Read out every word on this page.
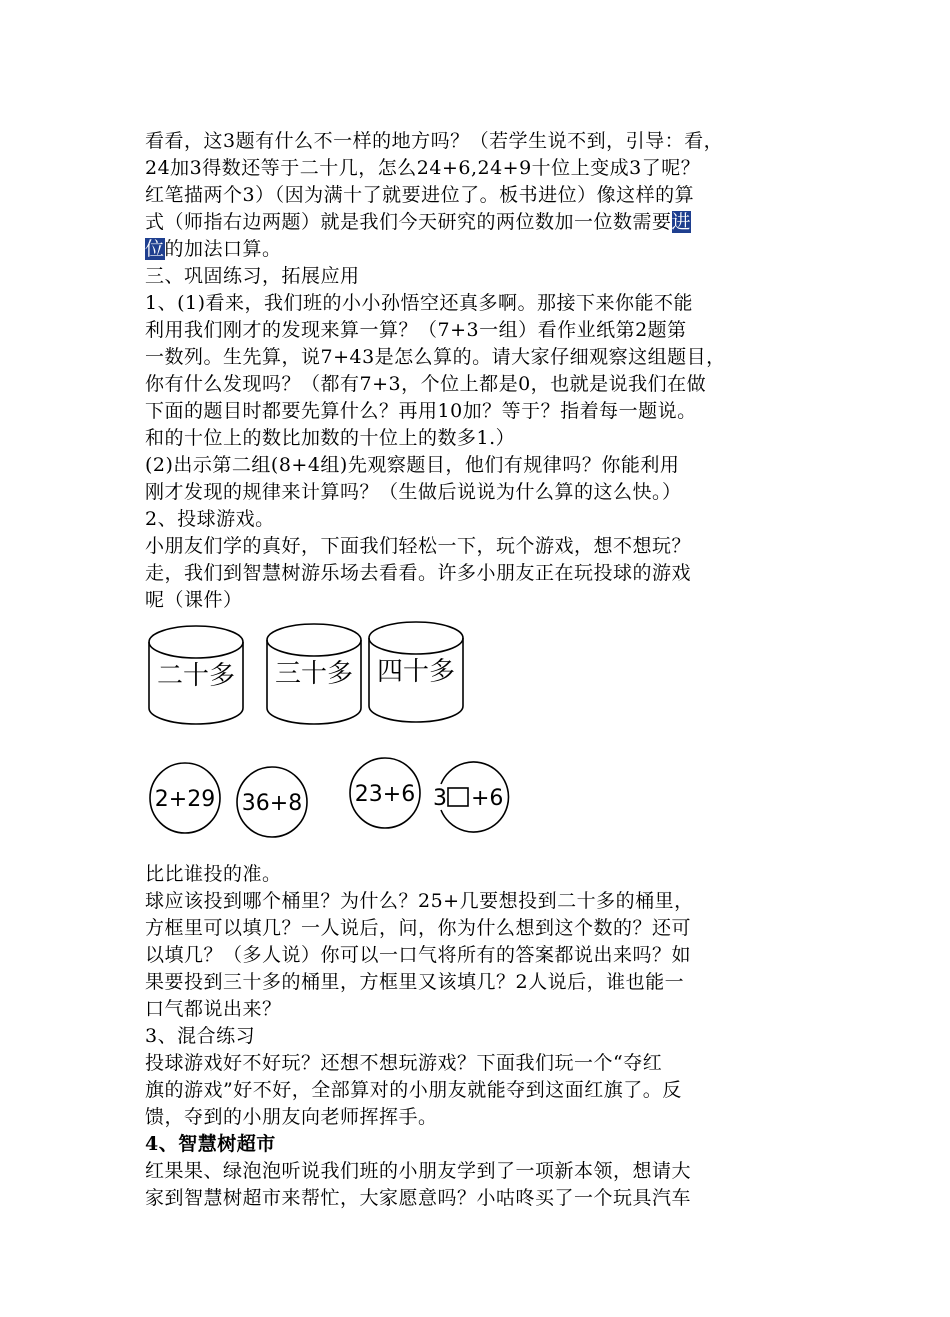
看看，这3题有什么不一样的地方吗？（若学生说不到，引导：看，
24加3得数还等于二十几，怎么24+6,24+9十位上变成3了呢？
红笔描两个3）（因为满十了就要进位了。板书进位）像这样的算
式（师指右边两题）就是我们今天研究的两位数加一位数需要进
位的加法口算。
三、巩固练习，拓展应用
1、(1)看来，我们班的小小孙悟空还真多啊。那接下来你能不能
利用我们刚才的发现来算一算？（7+3一组）看作业纸第2题第
一数列。生先算，说7+43是怎么算的。请大家仔细观察这组题目，
你有什么发现吗？（都有7+3，个位上都是0，也就是说我们在做
下面的题目时都要先算什么？再用10加？等于？指着每一题说。
和的十位上的数比加数的十位上的数多1.）
(2)出示第二组(8+4组)先观察题目，他们有规律吗？你能利用
刚才发现的规律来计算吗？（生做后说说为什么算的这么快。）
2、投球游戏。
小朋友们学的真好，下面我们轻松一下，玩个游戏，想不想玩？
走，我们到智慧树游乐场去看看。许多小朋友正在玩投球的游戏
呢（课件）
二十多 三十多 四十多
2+29 36+8 23+6 3 +6
比比谁投的准。
球应该投到哪个桶里？为什么？25+几要想投到二十多的桶里，
方框里可以填几？一人说后，问，你为什么想到这个数的？还可
以填几？（多人说）你可以一口气将所有的答案都说出来吗？如
果要投到三十多的桶里，方框里又该填几？2人说后，谁也能一
口气都说出来？
3、混合练习
投球游戏好不好玩？还想不想玩游戏？下面我们玩一个“夺红
旗的游戏”好不好，全部算对的小朋友就能夺到这面红旗了。反
馈，夺到的小朋友向老师挥挥手。
4、智慧树超市
红果果、绿泡泡听说我们班的小朋友学到了一项新本领，想请大
家到智慧树超市来帮忙，大家愿意吗？小咕咚买了一个玩具汽车
